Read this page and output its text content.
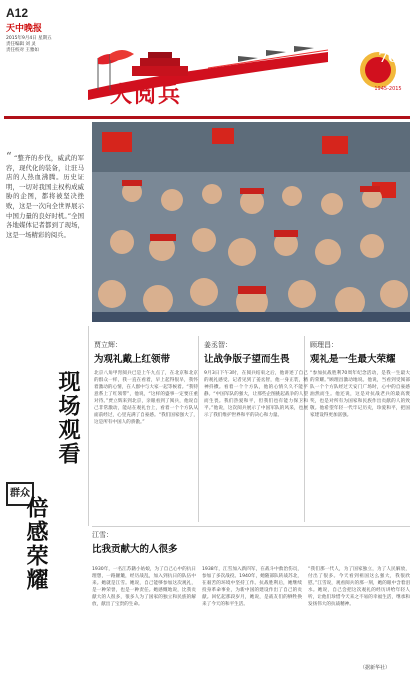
A12
天中晚报
2015年9月4日 星期五
责任编辑 刘 灵
责任校对 王雅如	70
1945-2015
大阅兵
“ “整齐的步伐，威武的军容，现代化的装备，让驻马店的人热血沸腾。历史证明，一切对我国主权构成威胁的企图，都将被坚决挫败，这是一次向全世界展示中国力量的良好时机。”全国各地媒体记者都到了现场，这是一场精彩的阅兵。
贾立辉：
为观礼戴上红领带
北京八角甲胄阅兵已是上午九点了，在北京和北京的群众一样，我一直在看着，早上起得很早，我怀着激动的心情，在人群中与大家一起等候着。“我特意系上了红领带”，他说，“这样的盛事一定要庄重对待。”贾立辉来到北京，亲眼看到了阅兵，他说自己非常激动，能站在观礼台上，看着一个个方队从面前经过，心里充满了自豪感。“我们国家强大了，这是所有中国人的骄傲。”
姜丞智：
让战争版子望而生畏
9月3日下午3时，在阅兵结束之后，他讲述了自己的观礼感受。记者见到了姜丞智，他一身正装，精神抖擞。看着一个个方队，他的心情久久不能平静。“中国军队的强大，让那些企图挑起战争的人望而生畏。我们热爱和平，但我们也有能力保卫和平。”他说，这次阅兵展示了中国军队的风采，也展示了我们维护世界和平的决心和力量。
顾理昌：
观礼是一生最大荣耀
“参加抗战胜利70周年纪念活动，是我一生最大的荣耀。”顾理昌激动地说。他说，当看到受阅部队一个个方队经过天安门广场时，心中的自豪感油然而生。他还说，这是对抗战老兵的最高褒奖，也是对所有为国家和民族作出贡献的人的致敬。他希望年轻一代牢记历史，珍爱和平，把国家建设得更加富强。
现场观看
群众
倍感荣耀	江雪：
比我贡献大的人很多
1930年，一名江苏籍小姑娘，为了自己心中的抗日理想，一路颠簸，经历战乱，加入到抗日的队伍中来。她就是江雪。她说，自己能够参加这次观礼，是一种荣誉，也是一种责任。她感慨地说，比我贡献大的人很多，很多人为了国家的独立和民族的解放，献出了宝贵的生命。
1938年，江雪加入新四军，在战斗中救治伤员，参加了多次战役。1940年，她随部队转战苏北，在艰苦的环境中坚持工作。抗战胜利后，她继续投身革命事业，为新中国的建设作出了自己的贡献。回忆起那段岁月，她说，是战友们的牺牲换来了今天的和平生活。
“我们那一代人，为了国家独立，为了人民解放，付出了很多。今天看到祖国这么强大，我很欣慰。”江雪说，观看阅兵的那一刻，她的眼中含着泪水。她说，自己会把这次观礼的经历讲给年轻人听，让他们珍惜今天来之不易的幸福生活，继承和发扬伟大的抗战精神。
（据新华社）
